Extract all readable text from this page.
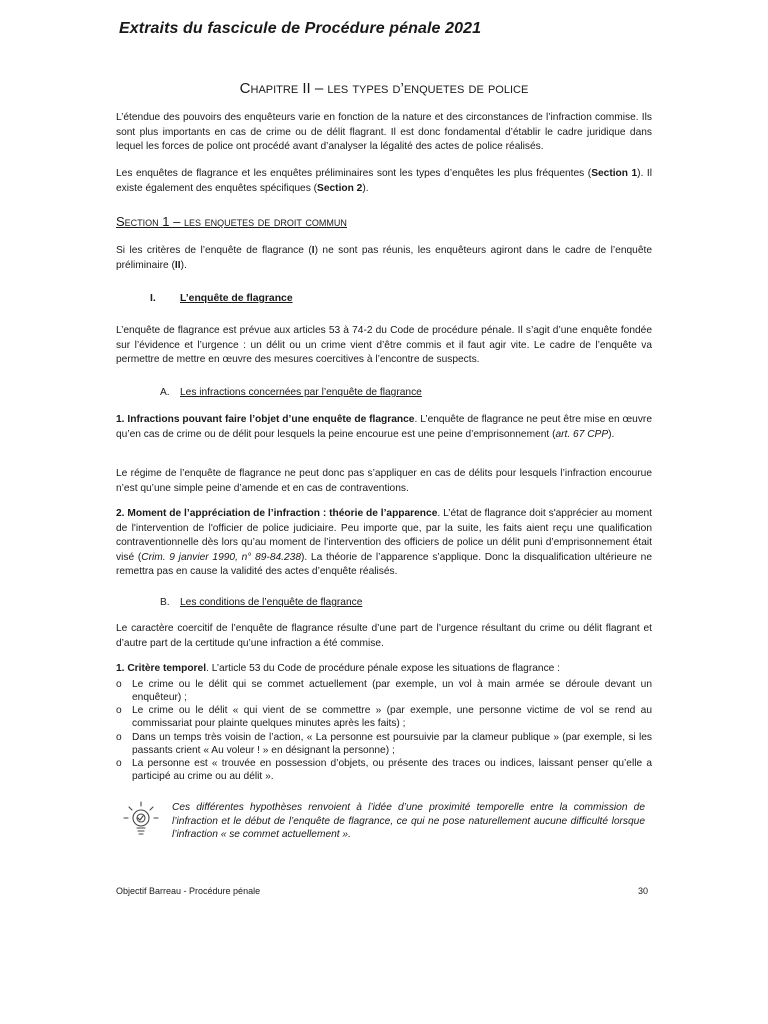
Extraits du fascicule de Procédure pénale 2021
Chapitre II – les types d’enquetes de police

L’étendue des pouvoirs des enquêteurs varie en fonction de la nature et des circonstances de l’infraction commise. Ils sont plus importants en cas de crime ou de délit flagrant. Il est donc fondamental d’établir le cadre juridique dans lequel les forces de police ont procédé avant d’analyser la légalité des actes de police réalisés.

Les enquêtes de flagrance et les enquêtes préliminaires sont les types d’enquêtes les plus fréquentes (Section 1). Il existe également des enquêtes spécifiques (Section 2).

Section 1 – les enquetes de droit commun

Si les critères de l’enquête de flagrance (I) ne sont pas réunis, les enquêteurs agiront dans le cadre de l’enquête préliminaire (II).

I. L’enquête de flagrance

L’enquête de flagrance est prévue aux articles 53 à 74-2 du Code de procédure pénale. Il s’agit d’une enquête fondée sur l’évidence et l’urgence : un délit ou un crime vient d’être commis et il faut agir vite. Le cadre de l’enquête va permettre de mettre en œuvre des mesures coercitives à l’encontre de suspects.

A. Les infractions concernées par l’enquête de flagrance

1. Infractions pouvant faire l’objet d’une enquête de flagrance. L’enquête de flagrance ne peut être mise en œuvre qu’en cas de crime ou de délit pour lesquels la peine encourue est une peine d’emprisonnement (art. 67 CPP).

Le régime de l’enquête de flagrance ne peut donc pas s’appliquer en cas de délits pour lesquels l’infraction encourue n’est qu’une simple peine d’amende et en cas de contraventions.

2. Moment de l’appréciation de l’infraction : théorie de l’apparence. L’état de flagrance doit s'apprécier au moment de l'intervention de l'officier de police judiciaire. Peu importe que, par la suite, les faits aient reçu une qualification contraventionnelle dès lors qu’au moment de l’intervention des officiers de police un délit puni d’emprisonnement était visé (Crim. 9 janvier 1990, n° 89-84.238). La théorie de l’apparence s’applique. Donc la disqualification ultérieure ne remettra pas en cause la validité des actes d’enquête réalisés.

B. Les conditions de l’enquête de flagrance

Le caractère coercitif de l’enquête de flagrance résulte d’une part de l’urgence résultant du crime ou délit flagrant et d’autre part de la certitude qu’une infraction a été commise.

1. Critère temporel. L’article 53 du Code de procédure pénale expose les situations de flagrance :

o Le crime ou le délit qui se commet actuellement (par exemple, un vol à main armée se déroule devant un enquêteur) ;
o Le crime ou le délit « qui vient de se commettre » (par exemple, une personne victime de vol se rend au commissariat pour plainte quelques minutes après les faits) ;
o Dans un temps très voisin de l’action, « La personne est poursuivie par la clameur publique » (par exemple, si les passants crient « Au voleur ! » en désignant la personne) ;
o La personne est « trouvée en possession d’objets, ou présente des traces ou indices, laissant penser qu’elle a participé au crime ou au délit ».
Ces différentes hypothèses renvoient à l’idée d’une proximité temporelle entre la commission de l’infraction et le début de l’enquête de flagrance, ce qui ne pose naturellement aucune difficulté lorsque l’infraction « se commet actuellement ».
Objectif Barreau - Procédure pénale	30
